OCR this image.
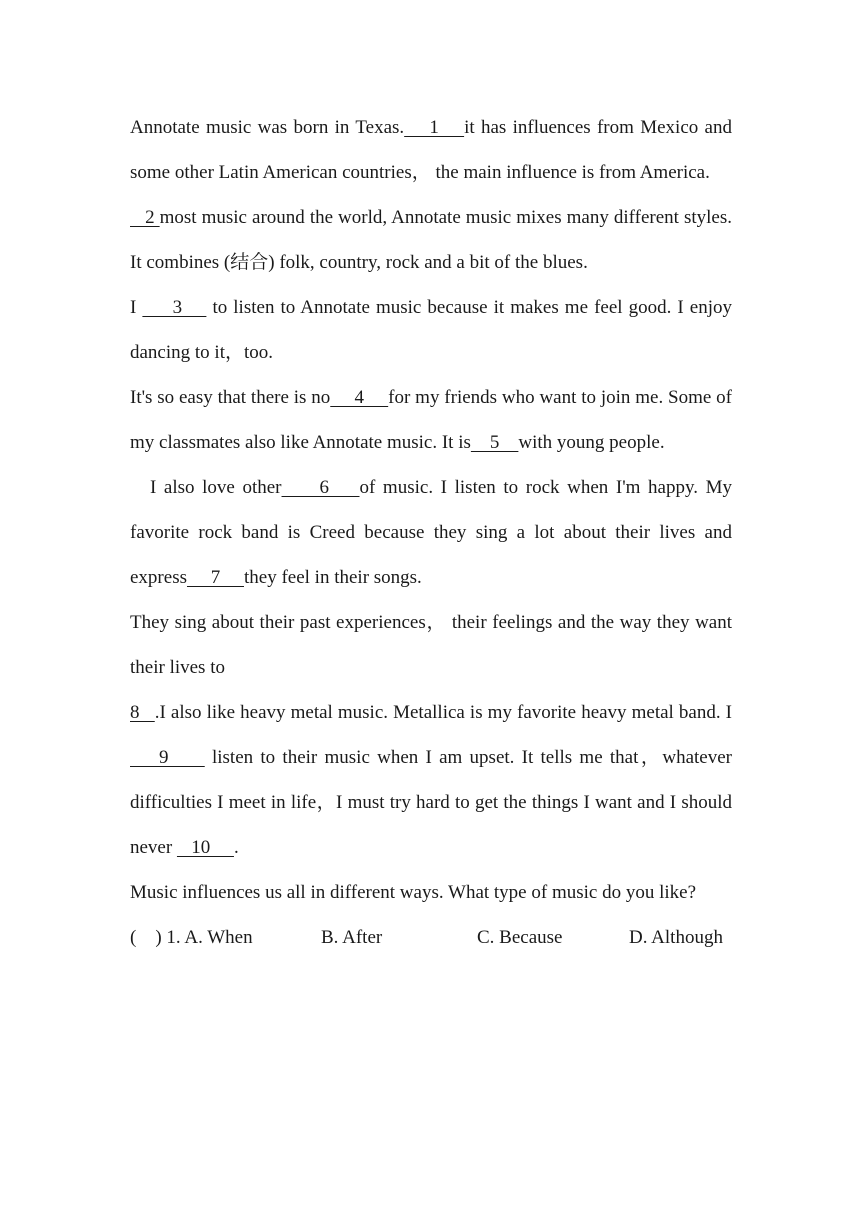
Annotate music was born in Texas.    1    it has influences from Mexico and some other Latin American countries， the main influence is from America.

2 most music around the world, Annotate music mixes many different styles. It combines (结合) folk, country, rock and a bit of the blues.

I      3     to listen to Annotate music because it makes me feel good. I enjoy dancing to it，too.

It's so easy that there is no     4     for my friends who want to join me. Some of my classmates also like Annotate music. It is    5    with young people.

I also love other     6    of music. I listen to rock when I'm happy. My favorite rock band is Creed because they sing a lot about their lives and express     7     they feel in their songs.

They sing about their past experiences， their feelings and the way they want their lives to

8   .I also like heavy metal music. Metallica is my favorite heavy metal band. I     9      listen to their music when I am upset. It tells me that，whatever difficulties I meet in life，I must try hard to get the things I want and I should never    10     .

Music influences us all in different ways. What type of music do you like?

(    ) 1. A. When	B. After	C. Because	D. Although
